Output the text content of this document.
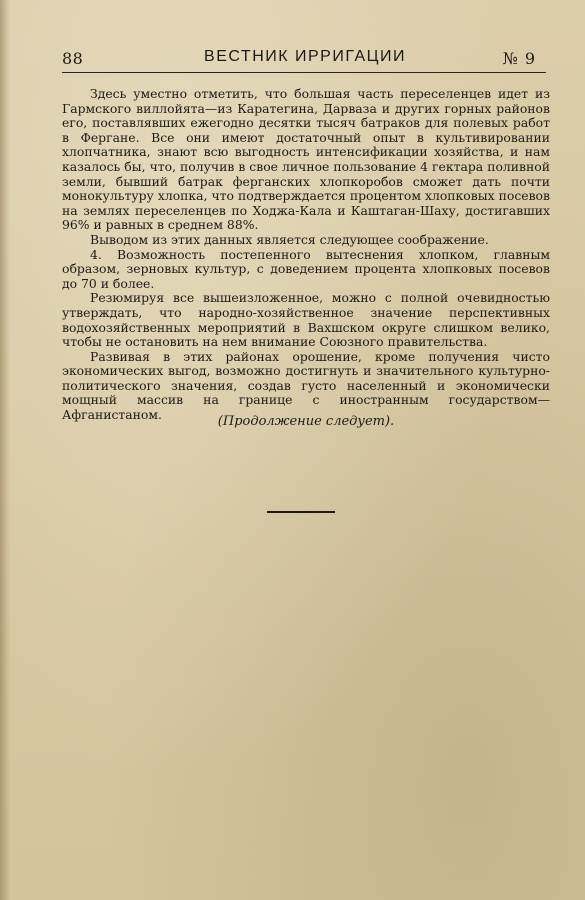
88	ВЕСТНИК ИРРИГАЦИИ	№ 9

Здесь уместно отметить, что большая часть переселенцев идет из Гармского виллойята—из Каратегина, Дарваза и других горных районов его, поставлявших ежегодно десятки тысяч батраков для полевых работ в Фергане. Все они имеют достаточный опыт в культивировании хлопчатника, знают всю выгодность интенсификации хозяйства, и нам казалось бы, что, получив в свое личное пользование 4 гектара поливной земли, бывший батрак ферганских хлопкоробов сможет дать почти монокультуру хлопка, что подтверждается процентом хлопковых посевов на землях переселенцев по Ходжа-Кала и Каштаган-Шаху, достигавших 96% и равных в среднем 88%.

Выводом из этих данных является следующее соображение.

4. Возможность постепенного вытеснения хлопком, главным образом, зерновых культур, с доведением процента хлопковых посевов до 70 и более.

Резюмируя все вышеизложенное, можно с полной очевидностью утверждать, что народно-хозяйственное значение перспективных водохозяйственных мероприятий в Вахшском округе слишком велико, чтобы не остановить на нем внимание Союзного правительства.

Развивая в этих районах орошение, кроме получения чисто экономических выгод, возможно достигнуть и значительного культурно-политического значения, создав густо населенный и экономически мощный массив на границе с иностранным государством—Афганистаном.	(Продолжение следует).
